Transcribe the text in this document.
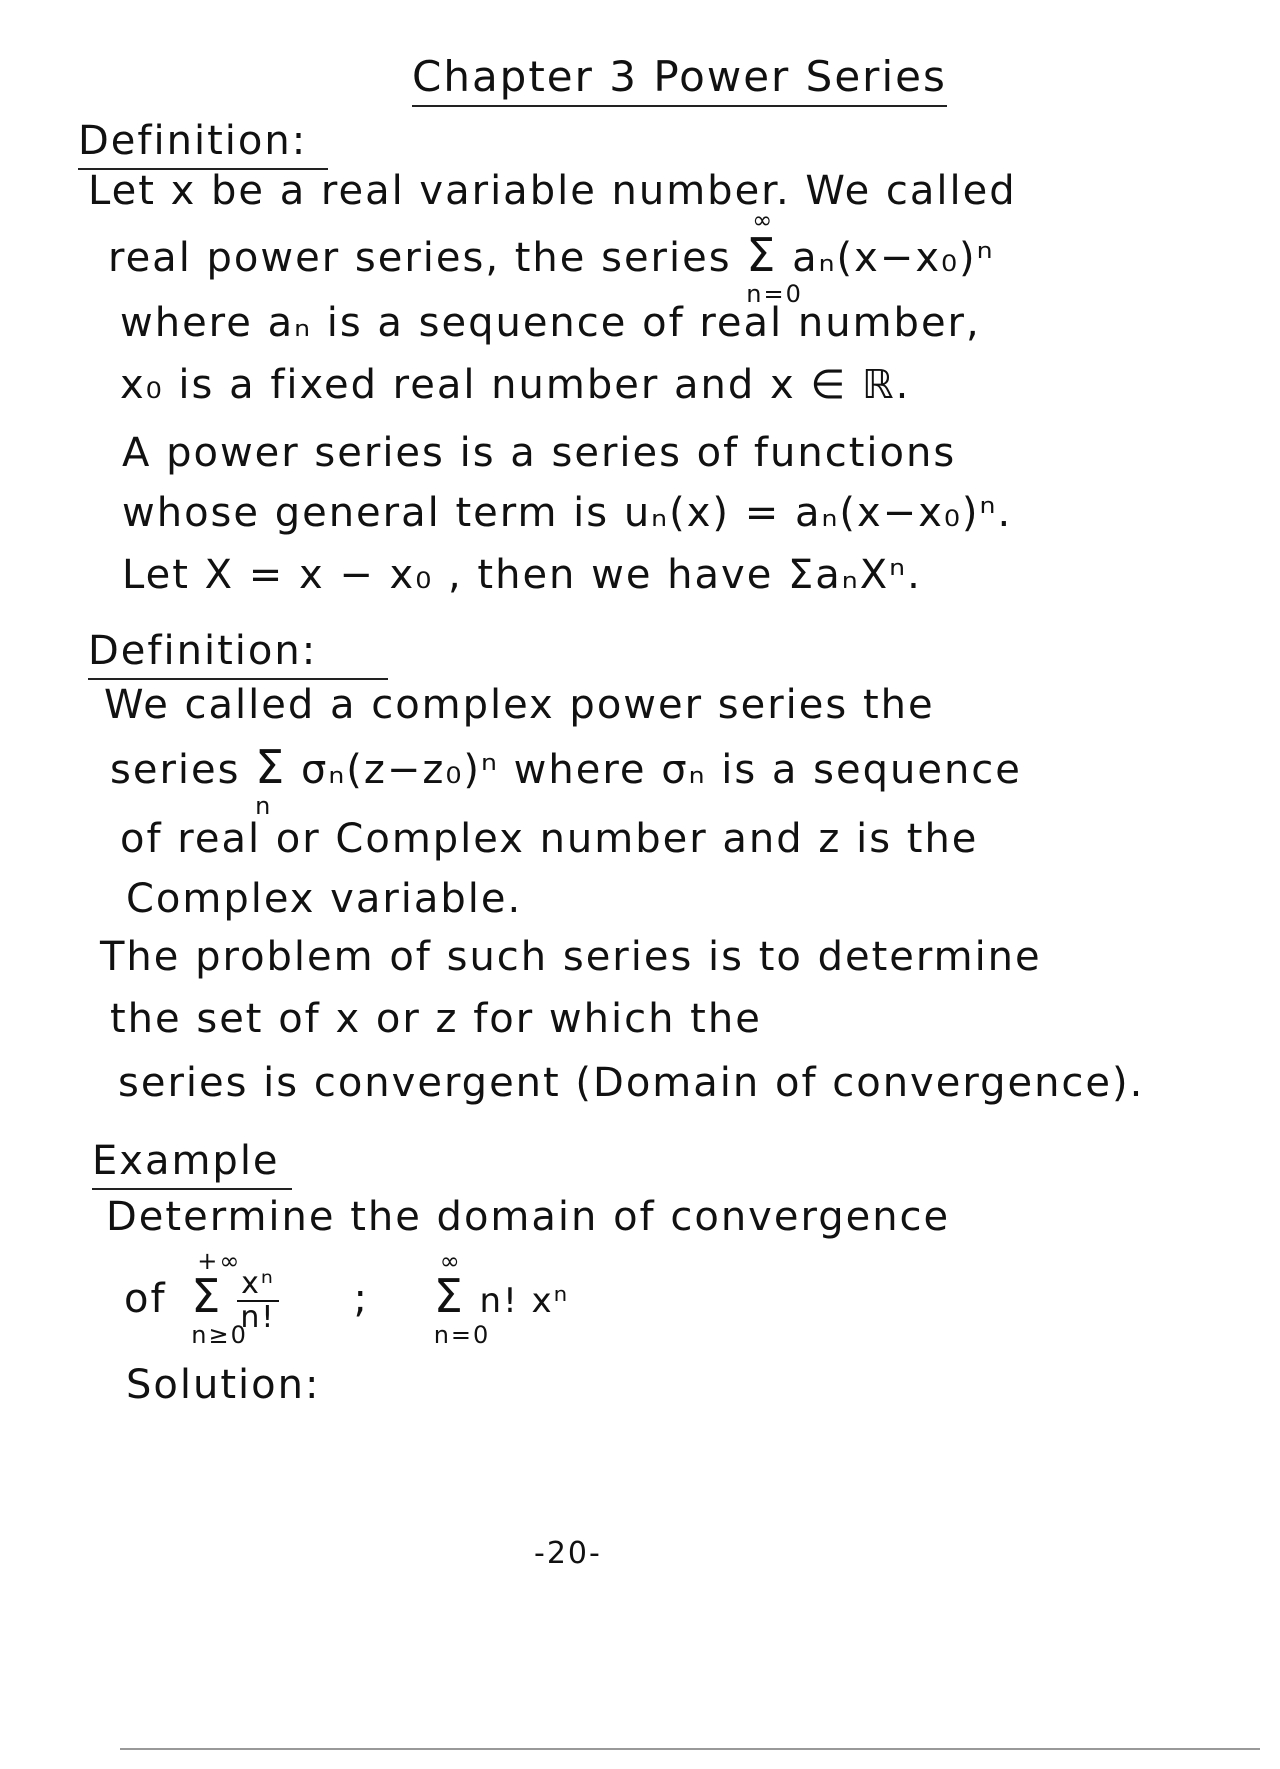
Chapter 3 Power Series
Definition:
Let x be a real variable number. We called
real power series, the series Σ
∞
n=0
aₙ(x−x₀)ⁿ
where aₙ is a sequence of real number,
x₀ is a fixed real number and x ∈ ℝ.
A power series is a series of functions
whose general term is uₙ(x) = aₙ(x−x₀)ⁿ.
Let X = x − x₀ , then we have ΣaₙXⁿ.
Definition:
We called a complex power series the
series Σ
n
σₙ(z−z₀)ⁿ where σₙ is a sequence
of real or Complex number and z is the
Complex variable.
The problem of such series is to determine
the set of x or z for which the
series is convergent (Domain of convergence).
Example
Determine the domain of convergence
of Σ
+∞
n≥0

$\frac{\text{xⁿ}}{n!}$ ; Σ
∞
n=0
n! xⁿ
Solution:
-20-
